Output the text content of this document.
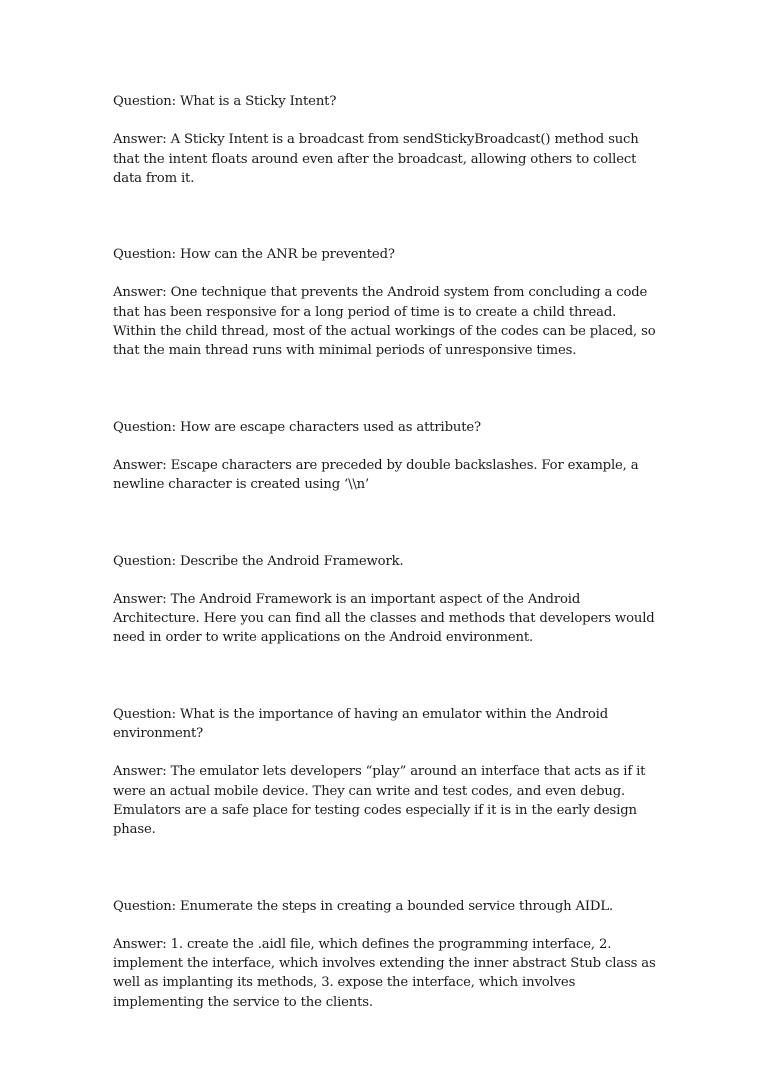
Question: What is a Sticky Intent?

Answer: A Sticky Intent is a broadcast from sendStickyBroadcast() method such that the intent floats around even after the broadcast, allowing others to collect data from it.

Question: How can the ANR be prevented?

Answer: One technique that prevents the Android system from concluding a code that has been responsive for a long period of time is to create a child thread. Within the child thread, most of the actual workings of the codes can be placed, so that the main thread runs with minimal periods of unresponsive times.

Question: How are escape characters used as attribute?

Answer: Escape characters are preceded by double backslashes. For example, a newline character is created using ‘\\n’

Question: Describe the Android Framework.

Answer: The Android Framework is an important aspect of the Android Architecture. Here you can find all the classes and methods that developers would need in order to write applications on the Android environment.

Question: What is the importance of having an emulator within the Android environment?

Answer: The emulator lets developers “play” around an interface that acts as if it were an actual mobile device. They can write and test codes, and even debug. Emulators are a safe place for testing codes especially if it is in the early design phase.

Question: Enumerate the steps in creating a bounded service through AIDL.

Answer: 1. create the .aidl file, which defines the programming interface, 2. implement the interface, which involves extending the inner abstract Stub class as well as implanting its methods, 3. expose the interface, which involves implementing the service to the clients.
